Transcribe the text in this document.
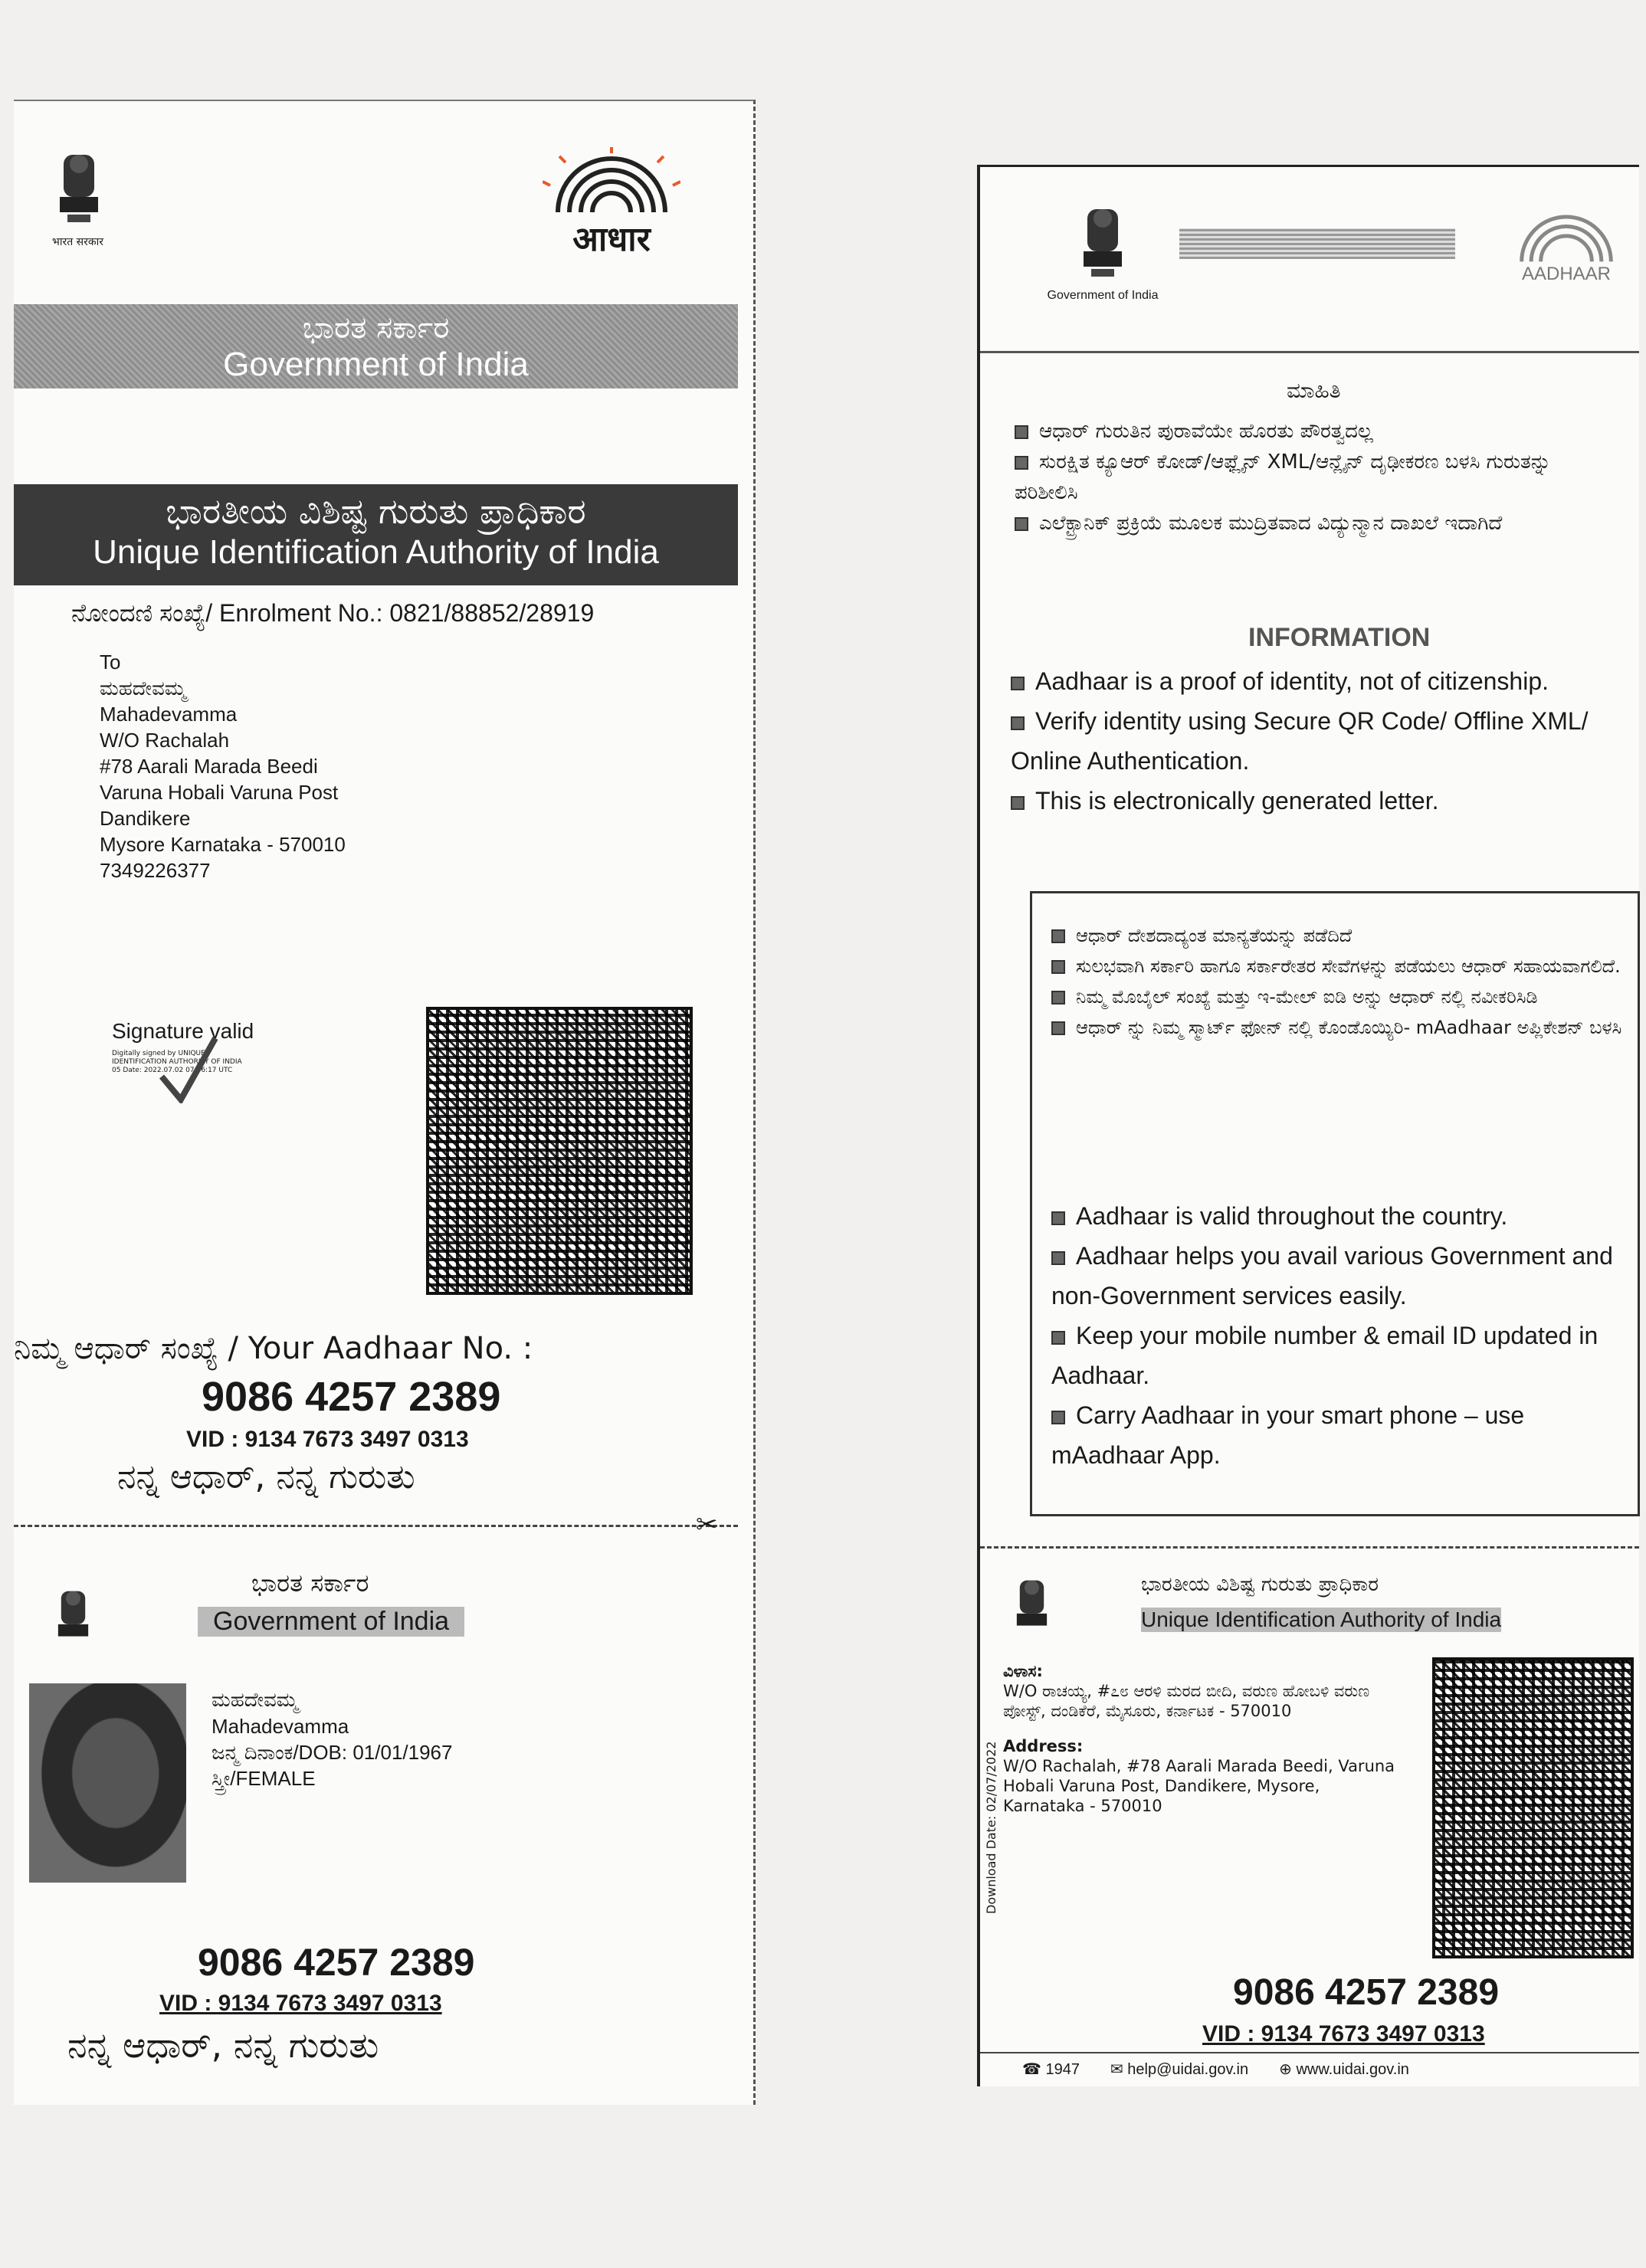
भारत सरकार	आधार
ಭಾರತ ಸರ್ಕಾರ
Government of India
ಭಾರತೀಯ ವಿಶಿಷ್ಟ ಗುರುತು ಪ್ರಾಧಿಕಾರ
Unique Identification Authority of India
ನೋಂದಣಿ ಸಂಖ್ಯೆ/ Enrolment No.: 0821/88852/28919

To

ಮಹದೇವಮ್ಮ

Mahadevamma

W/O Rachalah

#78 Aarali Marada Beedi

Varuna Hobali Varuna Post

Dandikere

Mysore Karnataka - 570010

7349226377

Signature valid
Digitally signed by UNIQUE IDENTIFICATION AUTHORITY OF INDIA 05 Date: 2022.07.02 07:36:17 UTC
ನಿಮ್ಮ ಆಧಾರ್ ಸಂಖ್ಯೆ / Your Aadhaar No. :
9086 4257 2389
VID : 9134 7673 3497 0313
ನನ್ನ ಆಧಾರ್, ನನ್ನ ಗುರುತು
✂
ಭಾರತ ಸರ್ಕಾರ
Government of India
ಮಹದೇವಮ್ಮ
Mahadevamma
ಜನ್ಮ ದಿನಾಂಕ/DOB: 01/01/1967
ಸ್ತ್ರೀ/FEMALE
9086 4257 2389
VID : 9134 7673 3497 0313
ನನ್ನ ಆಧಾರ್, ನನ್ನ ಗುರುತು
Government of India
AADHAAR
ಮಾಹಿತಿ
ಆಧಾರ್ ಗುರುತಿನ ಪುರಾವೆಯೇ ಹೊರತು ಪೌರತ್ವದಲ್ಲ
ಸುರಕ್ಷಿತ ಕ್ಯೂಆರ್ ಕೋಡ್/ಆಫ್ಲೈನ್ XML/ಆನ್ಲೈನ್ ದೃಢೀಕರಣ ಬಳಸಿ ಗುರುತನ್ನು ಪರಿಶೀಲಿಸಿ
ಎಲೆಕ್ಟ್ರಾನಿಕ್ ಪ್ರಕ್ರಿಯೆ ಮೂಲಕ ಮುದ್ರಿತವಾದ ವಿದ್ಯುನ್ಮಾನ ದಾಖಲೆ ಇದಾಗಿದೆ
INFORMATION
Aadhaar is a proof of identity, not of citizenship.
Verify identity using Secure QR Code/ Offline XML/ Online Authentication.
This is electronically generated letter.
ಆಧಾರ್ ದೇಶದಾದ್ಯಂತ ಮಾನ್ಯತೆಯನ್ನು ಪಡೆದಿದೆ
ಸುಲಭವಾಗಿ ಸರ್ಕಾರಿ ಹಾಗೂ ಸರ್ಕಾರೇತರ ಸೇವೆಗಳನ್ನು ಪಡೆಯಲು ಆಧಾರ್ ಸಹಾಯವಾಗಲಿದೆ.
ನಿಮ್ಮ ಮೊಬೈಲ್ ಸಂಖ್ಯೆ ಮತ್ತು ಇ-ಮೇಲ್ ಐಡಿ ಅನ್ನು ಆಧಾರ್ ನಲ್ಲಿ ನವೀಕರಿಸಿಡಿ
ಆಧಾರ್ ನ್ನು ನಿಮ್ಮ ಸ್ಮಾರ್ಟ್ ಫೋನ್ ನಲ್ಲಿ ಕೊಂಡೊಯ್ಯಿರಿ- mAadhaar ಅಪ್ಲಿಕೇಶನ್ ಬಳಸಿ
Aadhaar is valid throughout the country.
Aadhaar helps you avail various Government and non-Government services easily.
Keep your mobile number & email ID updated in Aadhaar.
Carry Aadhaar in your smart phone – use mAadhaar App.
ಭಾರತೀಯ ವಿಶಿಷ್ಟ ಗುರುತು ಪ್ರಾಧಿಕಾರ
Unique Identification Authority of India
Download Date: 02/07/2022
ವಿಳಾಸ:
W/O ರಾಚಯ್ಯ, #೭೮ ಆರಳಿ ಮರದ ಬೀದಿ, ವರುಣ ಹೋಬಳಿ ವರುಣ ಪೋಸ್ಟ್, ದಂಡಿಕೆರೆ, ಮೈಸೂರು, ಕರ್ನಾಟಕ - 570010
Address:
W/O Rachalah, #78 Aarali Marada Beedi, Varuna Hobali Varuna Post, Dandikere, Mysore, Karnataka - 570010
9086 4257 2389
VID : 9134 7673 3497 0313
☎ 1947 ✉ help@uidai.gov.in ⊕ www.uidai.gov.in
